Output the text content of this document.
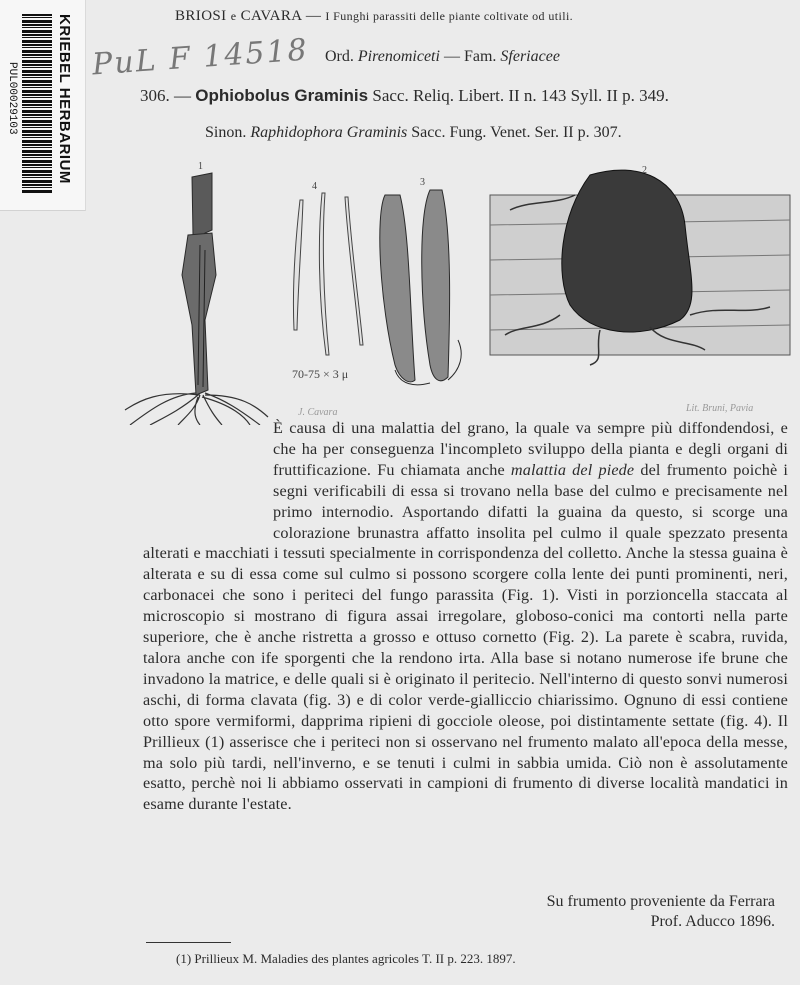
KRIEBEL HERBARIUM
PUL00029103
PuL F 14518
BRIOSI e CAVARA — I Funghi parassiti delle piante coltivate od utili.
Ord. Pirenomiceti — Fam. Sferiacee
306. — Ophiobolus Graminis Sacc. Reliq. Libert. II n. 143 Syll. II p. 349.
Sinon. Raphidophora Graminis Sacc. Fung. Venet. Ser. II p. 307.
1
4	3
2
70-75 × 3 μ
J. Cavara	Lit. Bruni, Pavia
È causa di una malattia del grano, la quale va sempre più diffondendosi, e che ha per conseguenza l'incompleto sviluppo della pianta e degli organi di fruttificazione. Fu chiamata anche malattia del piede del frumento poichè i segni verificabili di essa si trovano nella base del culmo e precisamente nel primo internodio. Asportando difatti la guaina da questo, si scorge una colorazione brunastra affatto insolita pel culmo il quale spezzato presenta alterati e macchiati i tessuti specialmente in corrispondenza del colletto. Anche la stessa guaina è alterata e su di essa come sul culmo si possono scorgere colla lente dei punti prominenti, neri, carbonacei che sono i periteci del fungo parassita (Fig. 1). Visti in porzioncella staccata al microscopio si mostrano di figura assai irregolare, globoso-conici ma contorti nella parte superiore, che è anche ristretta a grosso e ottuso cornetto (Fig. 2). La parete è scabra, ruvida, talora anche con ife sporgenti che la rendono irta. Alla base si notano numerose ife brune che invadono la matrice, e delle quali si è originato il peritecio. Nell'interno di questo sonvi numerosi aschi, di forma clavata (fig. 3) e di color verde-gialliccio chiarissimo. Ognuno di essi contiene otto spore vermiformi, dapprima ripieni di gocciole oleose, poi distintamente settate (fig. 4). Il Prillieux (1) asserisce che i periteci non si osservano nel frumento malato all'epoca della messe, ma solo più tardi, nell'inverno, e se tenuti i culmi in sabbia umida. Ciò non è assolutamente esatto, perchè noi li abbiamo osservati in campioni di frumento di diverse località mandatici in esame durante l'estate.
Su frumento proveniente da Ferrara
Prof. Aducco 1896.
(1) Prillieux M. Maladies des plantes agricoles T. II p. 223. 1897.
